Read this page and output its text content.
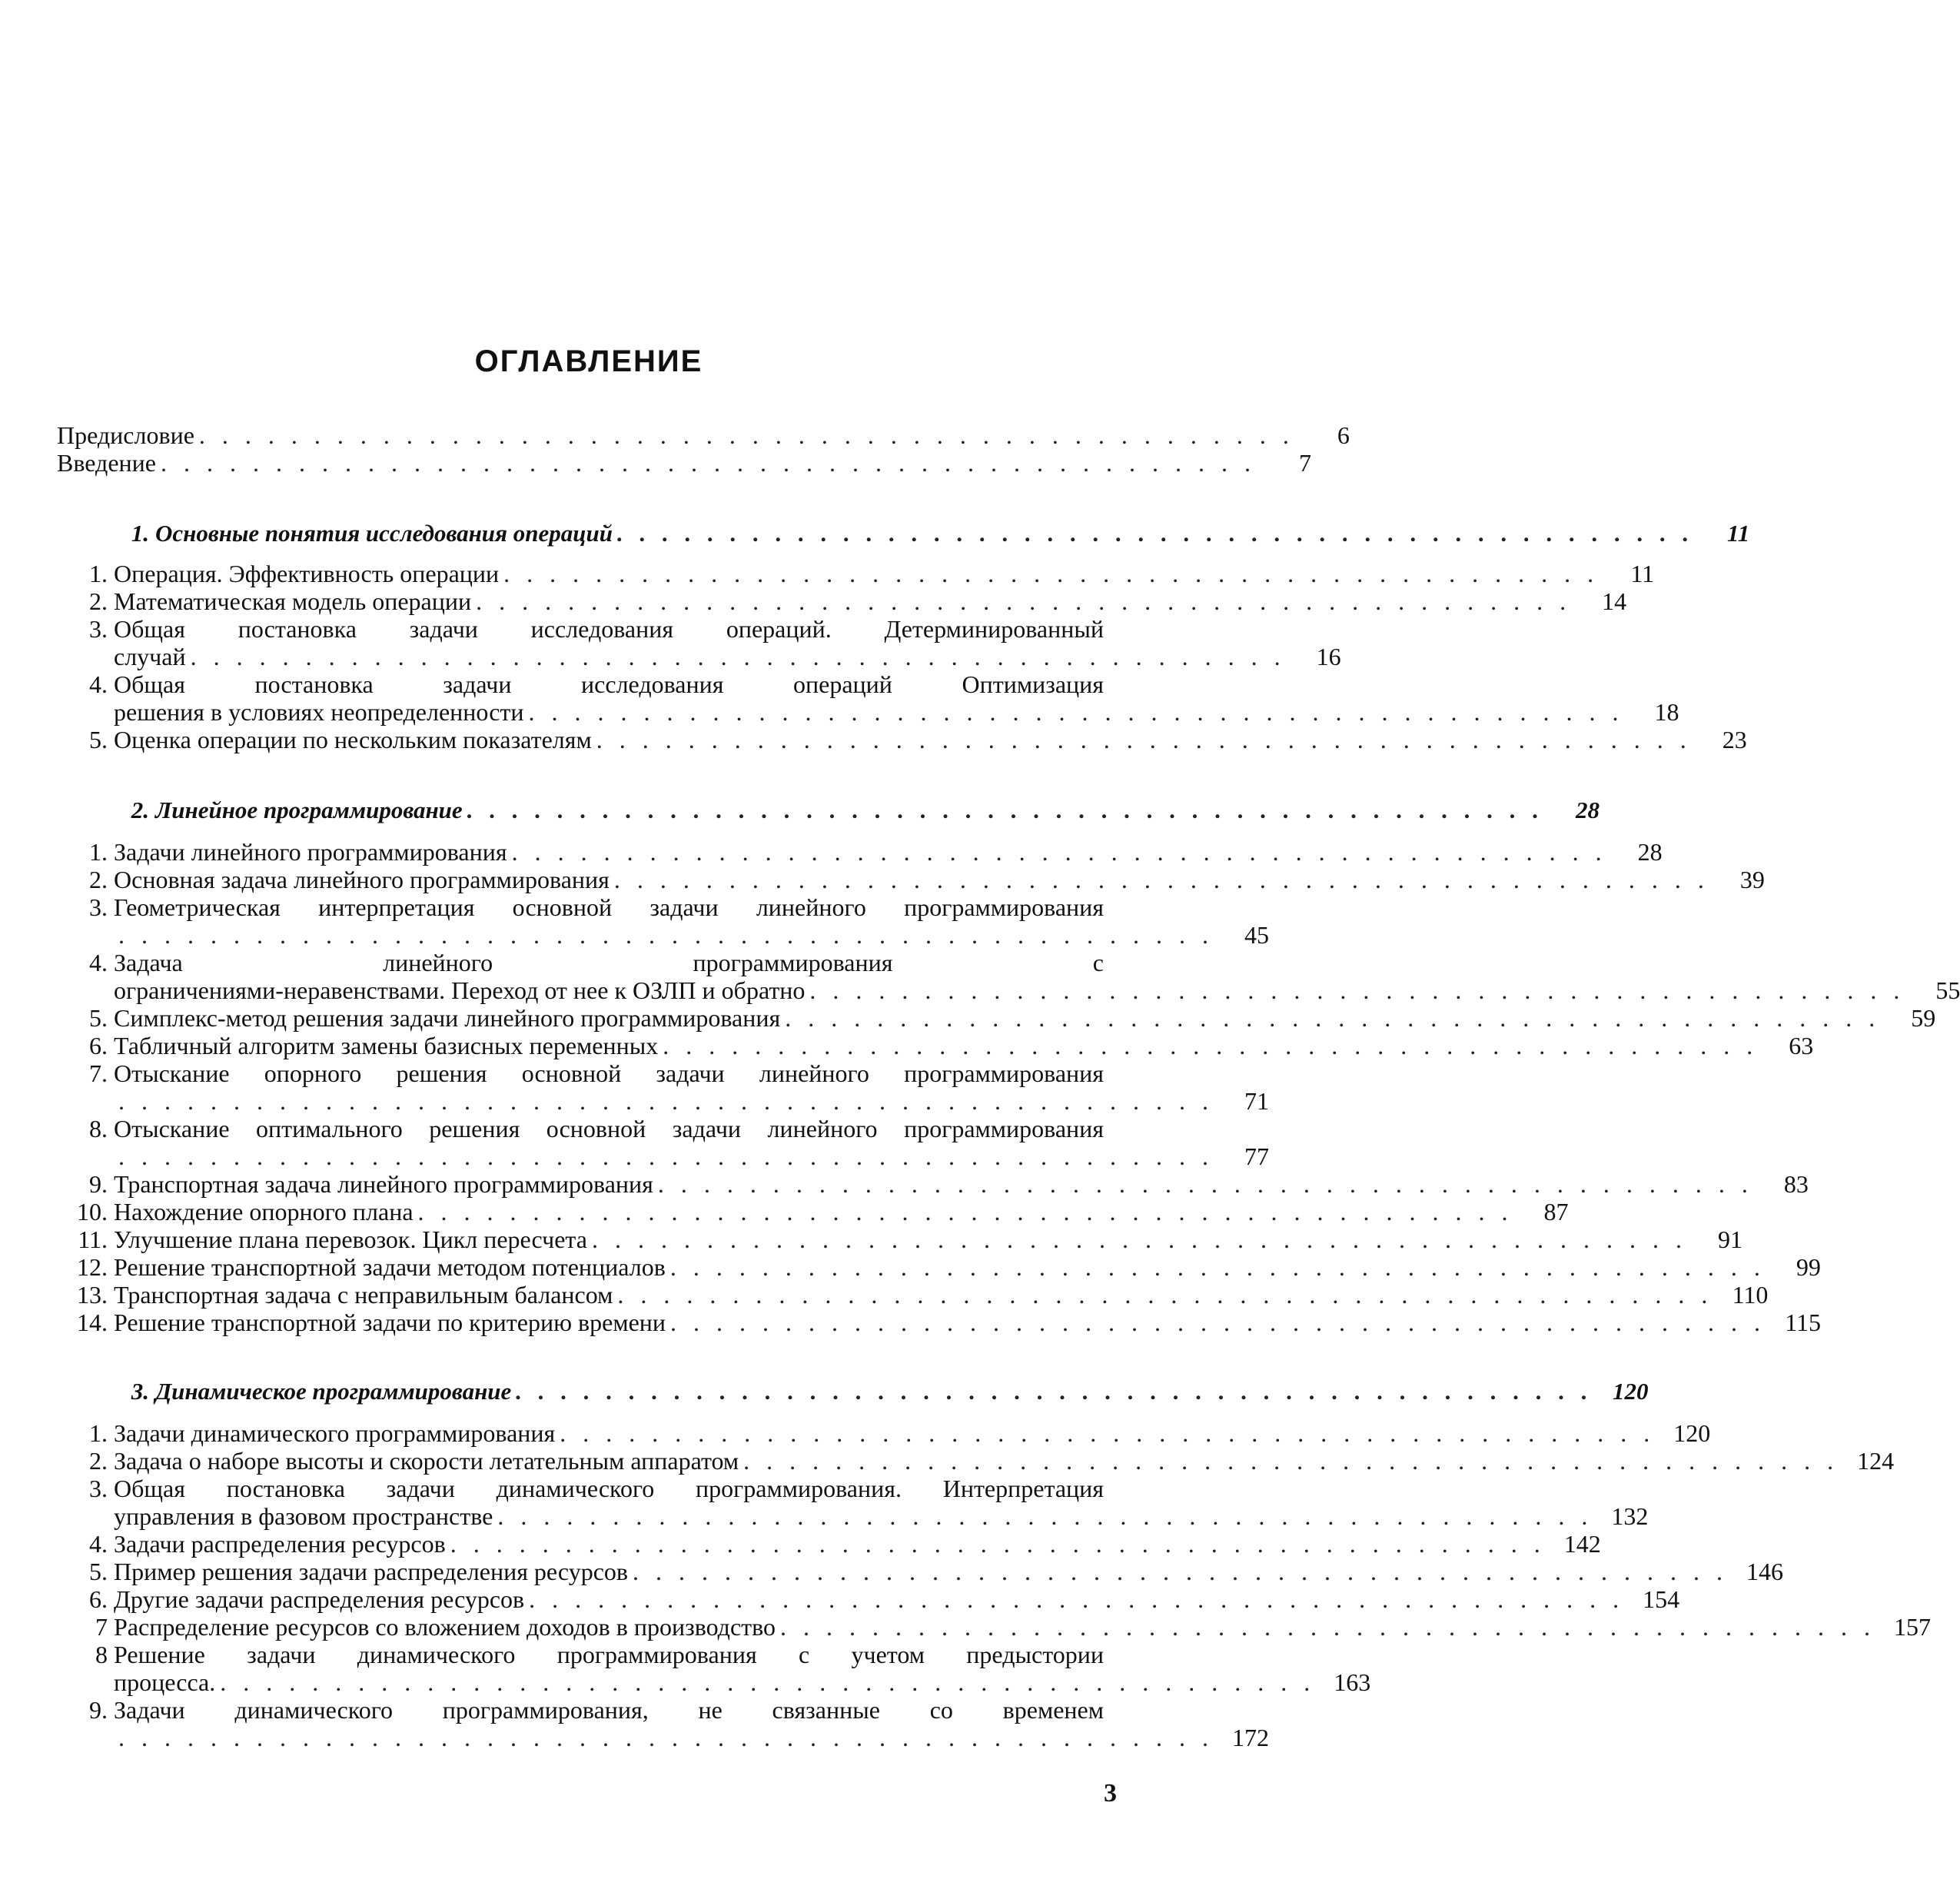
ОГЛАВЛЕНИЕ
Предисловие . . . . . . . . . . . . . . . . . . . . . . . . . . . . . . . . . . . . . . . . . . . . . . . .	6
Введение . . . . . . . . . . . . . . . . . . . . . . . . . . . . . . . . . . . . . . . . . . . . . . . .	7
1. Основные понятия исследования операций . . . . . . . . . . . . . . . . . . . . . . . . . . . . . . . . . . . . . . . . . . . . . . . .	11
1. Операция. Эффективность операции . . . . . . . . . . . . . . . . . . . . . . . . . . . . . . . . . . . . . . . . . . . . . . . .	11
2. Математическая модель операции . . . . . . . . . . . . . . . . . . . . . . . . . . . . . . . . . . . . . . . . . . . . . . . .	14
3. Общая постановка задачи исследования операций. Детерминированный
случай . . . . . . . . . . . . . . . . . . . . . . . . . . . . . . . . . . . . . . . . . . . . . . . .	16
4. Общая постановка задачи исследования операций Оптимизация
решения в условиях неопределенности . . . . . . . . . . . . . . . . . . . . . . . . . . . . . . . . . . . . . . . . . . . . . . . .	18
5. Оценка операции по нескольким показателям . . . . . . . . . . . . . . . . . . . . . . . . . . . . . . . . . . . . . . . . . . . . . . . .	23
2. Линейное программирование . . . . . . . . . . . . . . . . . . . . . . . . . . . . . . . . . . . . . . . . . . . . . . . .	28
1. Задачи линейного программирования . . . . . . . . . . . . . . . . . . . . . . . . . . . . . . . . . . . . . . . . . . . . . . . .	28
2. Основная задача линейного программирования . . . . . . . . . . . . . . . . . . . . . . . . . . . . . . . . . . . . . . . . . . . . . . . .	39
3. Геометрическая интерпретация основной задачи линейного программирования
. . . . . . . . . . . . . . . . . . . . . . . . . . . . . . . . . . . . . . . . . . . . . . . .	45
4. Задача линейного программирования с
ограничениями-неравенствами. Переход от нее к ОЗЛП и обратно . . . . . . . . . . . . . . . . . . . . . . . . . . . . . . . . . . . . . . . . . . . . . . . .	55
5. Симплекс-метод решения задачи линейного программирования . . . . . . . . . . . . . . . . . . . . . . . . . . . . . . . . . . . . . . . . . . . . . . . .	59
6. Табличный алгоритм замены базисных переменных . . . . . . . . . . . . . . . . . . . . . . . . . . . . . . . . . . . . . . . . . . . . . . . .	63
7. Отыскание опорного решения основной задачи линейного программирования
. . . . . . . . . . . . . . . . . . . . . . . . . . . . . . . . . . . . . . . . . . . . . . . .	71
8. Отыскание оптимального решения основной задачи линейного программирования
. . . . . . . . . . . . . . . . . . . . . . . . . . . . . . . . . . . . . . . . . . . . . . . .	77
9. Транспортная задача линейного программирования . . . . . . . . . . . . . . . . . . . . . . . . . . . . . . . . . . . . . . . . . . . . . . . .	83
10. Нахождение опорного плана . . . . . . . . . . . . . . . . . . . . . . . . . . . . . . . . . . . . . . . . . . . . . . . .	87
11. Улучшение плана перевозок. Цикл пересчета . . . . . . . . . . . . . . . . . . . . . . . . . . . . . . . . . . . . . . . . . . . . . . . .	91
12. Решение транспортной задачи методом потенциалов . . . . . . . . . . . . . . . . . . . . . . . . . . . . . . . . . . . . . . . . . . . . . . . .	99
13. Транспортная задача с неправильным балансом . . . . . . . . . . . . . . . . . . . . . . . . . . . . . . . . . . . . . . . . . . . . . . . . 110
14. Решение транспортной задачи по критерию времени . . . . . . . . . . . . . . . . . . . . . . . . . . . . . . . . . . . . . . . . . . . . . . . . 115
3. Динамическое программирование . . . . . . . . . . . . . . . . . . . . . . . . . . . . . . . . . . . . . . . . . . . . . . . . 120
1. Задачи динамического программирования . . . . . . . . . . . . . . . . . . . . . . . . . . . . . . . . . . . . . . . . . . . . . . . . 120
2. Задача о наборе высоты и скорости летательным аппаратом . . . . . . . . . . . . . . . . . . . . . . . . . . . . . . . . . . . . . . . . . . . . . . . . 124
3. Общая постановка задачи динамического программирования. Интерпретация
управления в фазовом пространстве . . . . . . . . . . . . . . . . . . . . . . . . . . . . . . . . . . . . . . . . . . . . . . . . 132
4. Задачи распределения ресурсов . . . . . . . . . . . . . . . . . . . . . . . . . . . . . . . . . . . . . . . . . . . . . . . . 142
5. Пример решения задачи распределения ресурсов . . . . . . . . . . . . . . . . . . . . . . . . . . . . . . . . . . . . . . . . . . . . . . . . 146
6. Другие задачи распределения ресурсов . . . . . . . . . . . . . . . . . . . . . . . . . . . . . . . . . . . . . . . . . . . . . . . . 154
7 Распределение ресурсов со вложением доходов в производство . . . . . . . . . . . . . . . . . . . . . . . . . . . . . . . . . . . . . . . . . . . . . . . . 157
8 Решение задачи динамического программирования с учетом предыстории
процесса. . . . . . . . . . . . . . . . . . . . . . . . . . . . . . . . . . . . . . . . . . . . . . . . . 163
9. Задачи динамического программирования, не связанные со временем
. . . . . . . . . . . . . . . . . . . . . . . . . . . . . . . . . . . . . . . . . . . . . . . . 172
3
